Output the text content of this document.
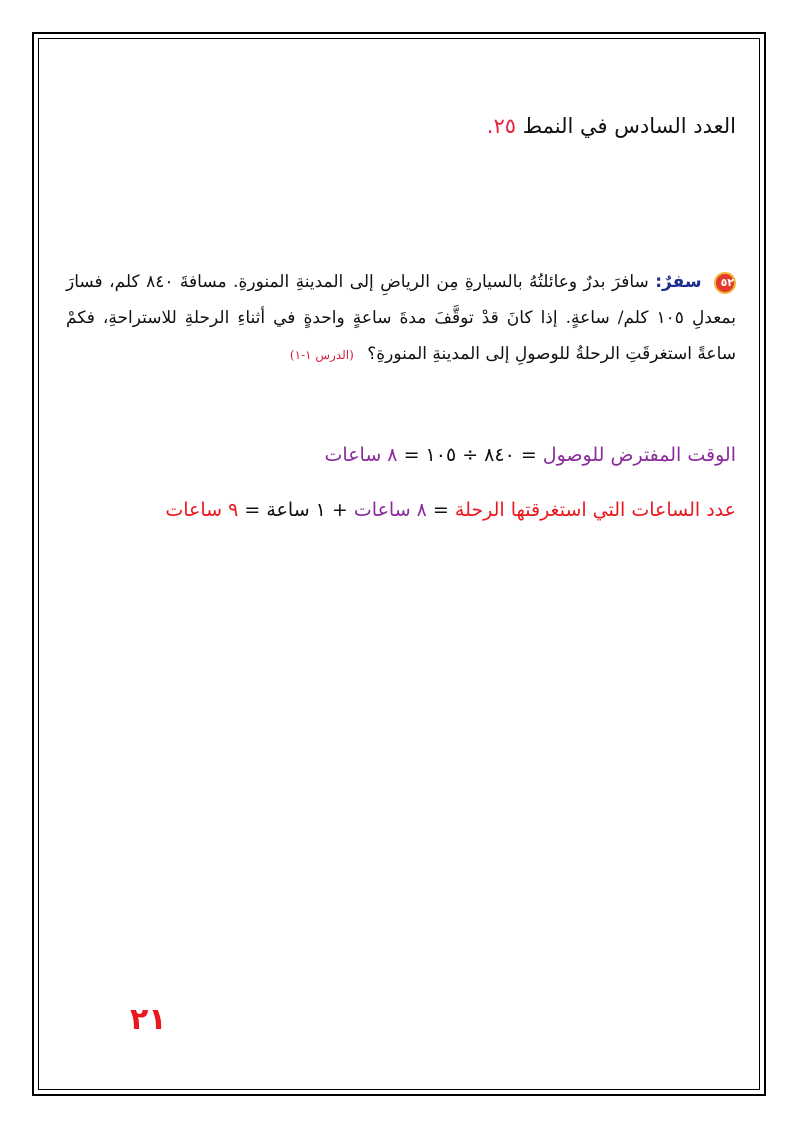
العدد السادس في النمط ٢٥.
٥٢ سفرٌ: سافرَ بدرٌ وعائلتُهُ بالسيارةِ مِن الرياضِ إلى المدينةِ المنورةِ. مسافةَ ٨٤٠ كلم، فسارَ بمعدلِ ١٠٥ كلم/ ساعةٍ. إذا كانَ قدْ توقَّفَ مدةَ ساعةٍ واحدةٍ في أثناءِ الرحلةِ للاستراحةِ، فكمْ ساعةً استغرقَتِ الرحلةُ للوصولِ إلى المدينةِ المنورةِ؟ (الدرس ١-١)
الوقت المفترض للوصول = ٨٤٠ ÷ ١٠٥ = ٨ ساعات
عدد الساعات التي استغرقتها الرحلة = ٨ ساعات + ١ ساعة = ٩ ساعات
٢١
